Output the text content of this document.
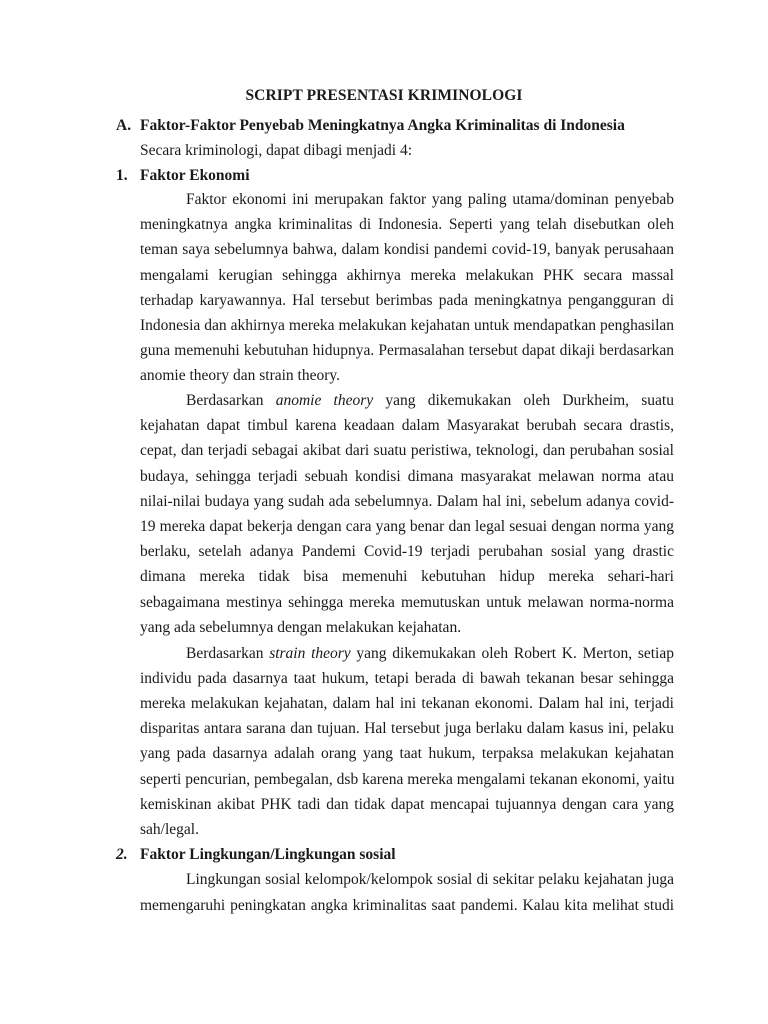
SCRIPT PRESENTASI KRIMINOLOGI
A. Faktor-Faktor Penyebab Meningkatnya Angka Kriminalitas di Indonesia
Secara kriminologi, dapat dibagi menjadi 4:
1. Faktor Ekonomi
Faktor ekonomi ini merupakan faktor yang paling utama/dominan penyebab
meningkatnya angka kriminalitas di Indonesia. Seperti yang telah disebutkan oleh
teman saya sebelumnya bahwa, dalam kondisi pandemi covid-19, banyak perusahaan
mengalami kerugian sehingga akhirnya mereka melakukan PHK secara massal
terhadap karyawannya. Hal tersebut berimbas pada meningkatnya pengangguran di
Indonesia dan akhirnya mereka melakukan kejahatan untuk mendapatkan penghasilan
guna memenuhi kebutuhan hidupnya. Permasalahan tersebut dapat dikaji berdasarkan
anomie theory dan strain theory.
Berdasarkan anomie theory yang dikemukakan oleh Durkheim, suatu
kejahatan dapat timbul karena keadaan dalam Masyarakat berubah secara drastis,
cepat, dan terjadi sebagai akibat dari suatu peristiwa, teknologi, dan perubahan sosial
budaya, sehingga terjadi sebuah kondisi dimana masyarakat melawan norma atau
nilai-nilai budaya yang sudah ada sebelumnya. Dalam hal ini, sebelum adanya covid-
19 mereka dapat bekerja dengan cara yang benar dan legal sesuai dengan norma yang
berlaku, setelah adanya Pandemi Covid-19 terjadi perubahan sosial yang drastic
dimana mereka tidak bisa memenuhi kebutuhan hidup mereka sehari-hari
sebagaimana mestinya sehingga mereka memutuskan untuk melawan norma-norma
yang ada sebelumnya dengan melakukan kejahatan.
Berdasarkan strain theory yang dikemukakan oleh Robert K. Merton, setiap
individu pada dasarnya taat hukum, tetapi berada di bawah tekanan besar sehingga
mereka melakukan kejahatan, dalam hal ini tekanan ekonomi. Dalam hal ini, terjadi
disparitas antara sarana dan tujuan. Hal tersebut juga berlaku dalam kasus ini, pelaku
yang pada dasarnya adalah orang yang taat hukum, terpaksa melakukan kejahatan
seperti pencurian, pembegalan, dsb karena mereka mengalami tekanan ekonomi, yaitu
kemiskinan akibat PHK tadi dan tidak dapat mencapai tujuannya dengan cara yang
sah/legal.
2. Faktor Lingkungan/Lingkungan sosial
Lingkungan sosial kelompok/kelompok sosial di sekitar pelaku kejahatan juga
memengaruhi peningkatan angka kriminalitas saat pandemi. Kalau kita melihat studi
